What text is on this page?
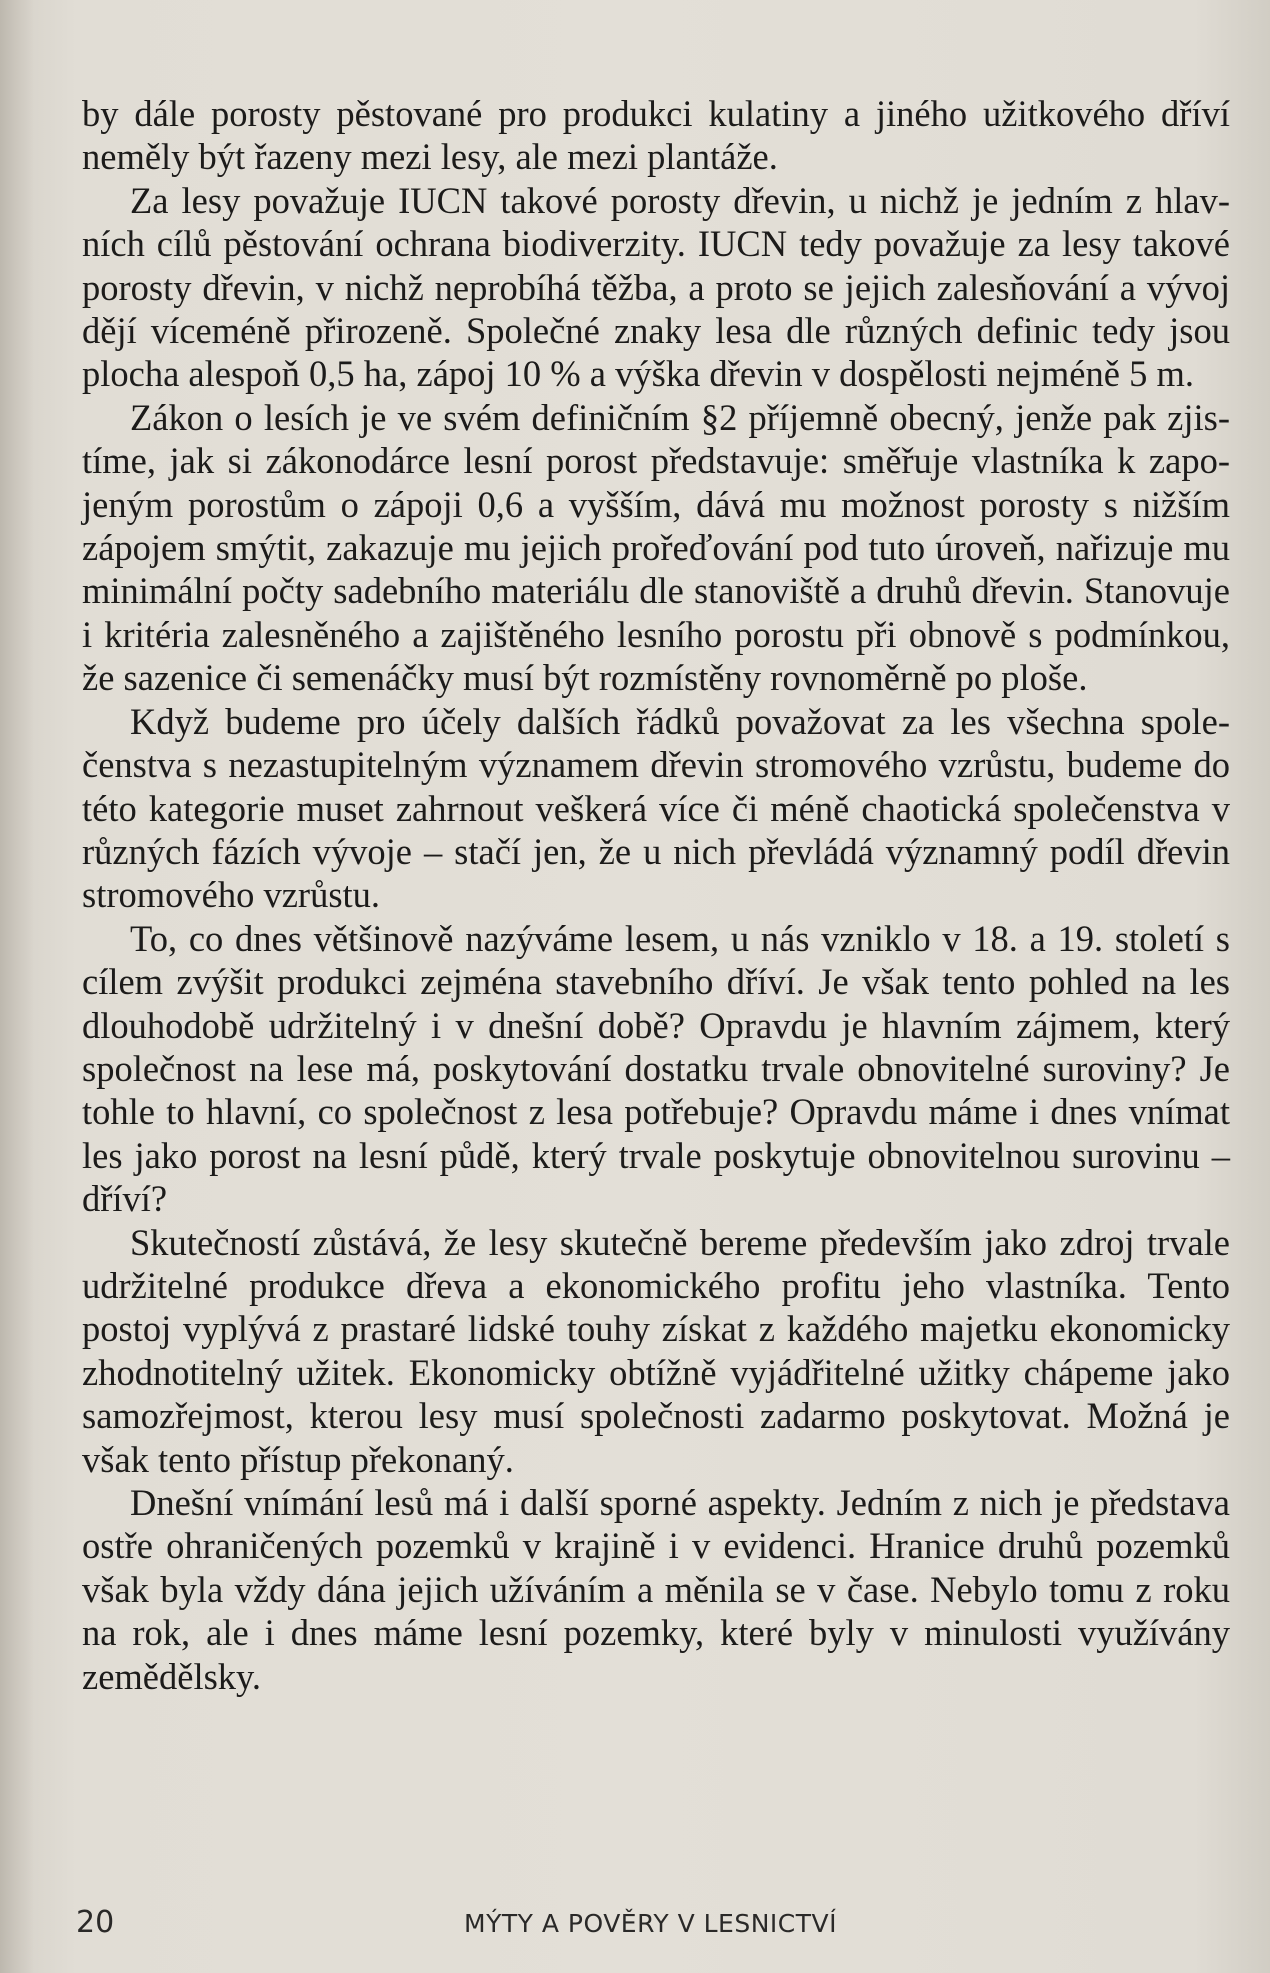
by dále porosty pěstované pro produkci kulatiny a jiného užitkového dříví neměly být řazeny mezi lesy, ale mezi plantáže.

Za lesy považuje IUCN takové porosty dřevin, u nichž je jedním z hlavních cílů pěstování ochrana biodiverzity. IUCN tedy považuje za lesy takové porosty dřevin, v nichž neprobíhá těžba, a proto se jejich zalesňování a vývoj dějí víceméně přirozeně. Společné znaky lesa dle různých definic tedy jsou plocha alespoň 0,5 ha, zápoj 10 % a výška dřevin v dospělosti nejméně 5 m.

Zákon o lesích je ve svém definičním §2 příjemně obecný, jenže pak zjistíme, jak si zákonodárce lesní porost představuje: směřuje vlastníka k zapojeným porostům o zápoji 0,6 a vyšším, dává mu možnost porosty s nižším zápojem smýtit, zakazuje mu jejich prořeďování pod tuto úroveň, nařizuje mu minimální počty sadebního materiálu dle stanoviště a druhů dřevin. Stanovuje i kritéria zalesněného a zajištěného lesního porostu při obnově s podmínkou, že sazenice či semenáčky musí být rozmístěny rovnoměrně po ploše.

Když budeme pro účely dalších řádků považovat za les všechna společenstva s nezastupitelným významem dřevin stromového vzrůstu, budeme do této kategorie muset zahrnout veškerá více či méně chaotická společenstva v různých fázích vývoje – stačí jen, že u nich převládá významný podíl dřevin stromového vzrůstu.

To, co dnes většinově nazýváme lesem, u nás vzniklo v 18. a 19. století s cílem zvýšit produkci zejména stavebního dříví. Je však tento pohled na les dlouhodobě udržitelný i v dnešní době? Opravdu je hlavním zájmem, který společnost na lese má, poskytování dostatku trvale obnovitelné suroviny? Je tohle to hlavní, co společnost z lesa potřebuje? Opravdu máme i dnes vnímat les jako porost na lesní půdě, který trvale poskytuje obnovitelnou surovinu – dříví?

Skutečností zůstává, že lesy skutečně bereme především jako zdroj trvale udržitelné produkce dřeva a ekonomického profitu jeho vlastníka. Tento postoj vyplývá z prastaré lidské touhy získat z každého majetku ekonomicky zhodnotitelný užitek. Ekonomicky obtížně vyjádřitelné užitky chápeme jako samozřejmost, kterou lesy musí společnosti zadarmo poskytovat. Možná je však tento přístup překonaný.

Dnešní vnímání lesů má i další sporné aspekty. Jedním z nich je představa ostře ohraničených pozemků v krajině i v evidenci. Hranice druhů pozemků však byla vždy dána jejich užíváním a měnila se v čase. Nebylo tomu z roku na rok, ale i dnes máme lesní pozemky, které byly v minulosti využívány zemědělsky.

20	MÝTY A POVĚRY V LESNICTVÍ
